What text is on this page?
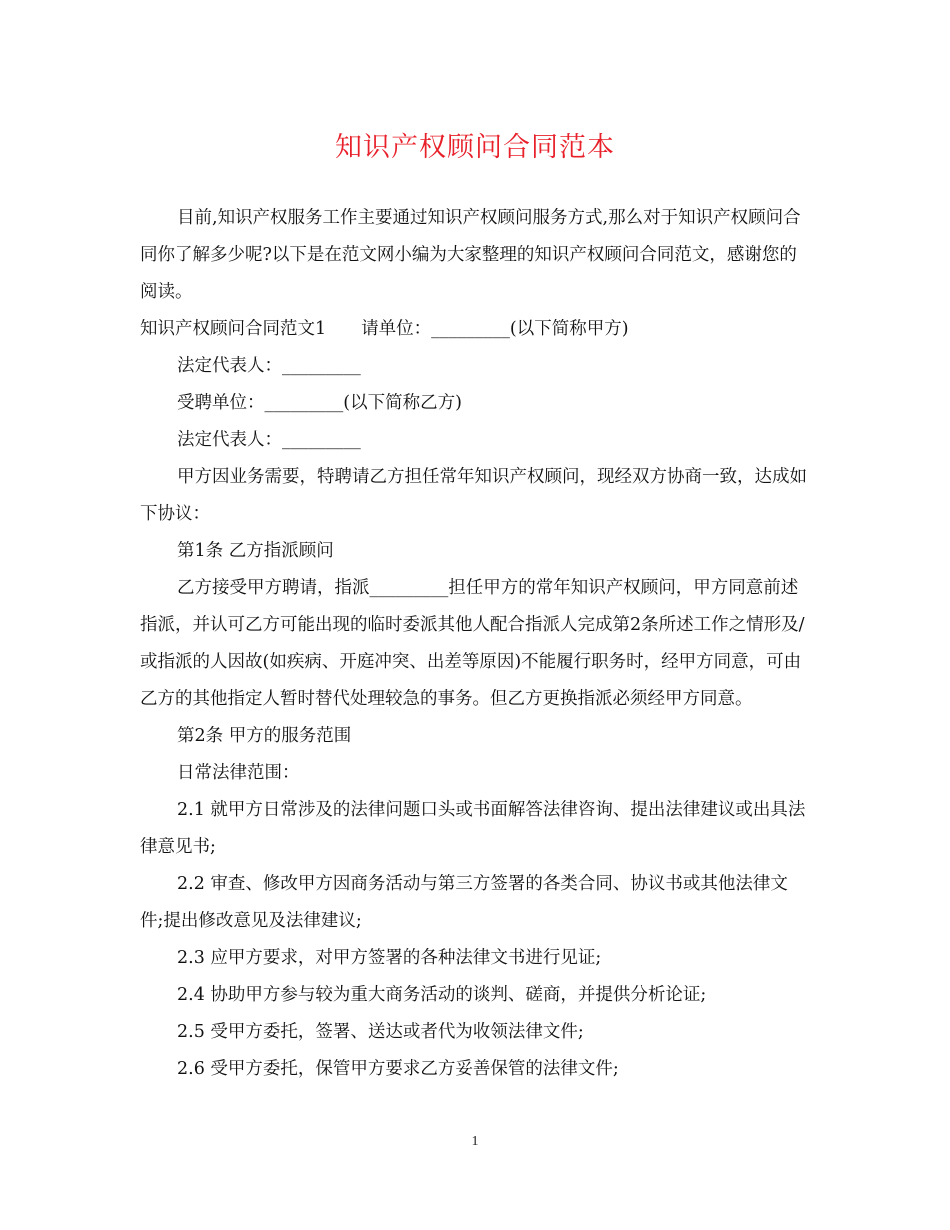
知识产权顾问合同范本

目前,知识产权服务工作主要通过知识产权顾问服务方式,那么对于知识产权顾问合同你了解多少呢?以下是在范文网小编为大家整理的知识产权顾问合同范文，感谢您的阅读。

知识产权顾问合同范文1　　请单位：_________(以下简称甲方)

法定代表人：_________

受聘单位：_________(以下简称乙方)

法定代表人：_________

甲方因业务需要，特聘请乙方担任常年知识产权顾问，现经双方协商一致，达成如下协议：

第1条 乙方指派顾问

乙方接受甲方聘请，指派_________担任甲方的常年知识产权顾问，甲方同意前述指派，并认可乙方可能出现的临时委派其他人配合指派人完成第2条所述工作之情形及/或指派的人因故(如疾病、开庭冲突、出差等原因)不能履行职务时，经甲方同意，可由乙方的其他指定人暂时替代处理较急的事务。但乙方更换指派必须经甲方同意。

第2条 甲方的服务范围

日常法律范围：

2.1 就甲方日常涉及的法律问题口头或书面解答法律咨询、提出法律建议或出具法律意见书;

2.2 审查、修改甲方因商务活动与第三方签署的各类合同、协议书或其他法律文件;提出修改意见及法律建议;

2.3 应甲方要求，对甲方签署的各种法律文书进行见证;

2.4 协助甲方参与较为重大商务活动的谈判、磋商，并提供分析论证;

2.5 受甲方委托，签署、送达或者代为收领法律文件;

2.6 受甲方委托，保管甲方要求乙方妥善保管的法律文件;

1
